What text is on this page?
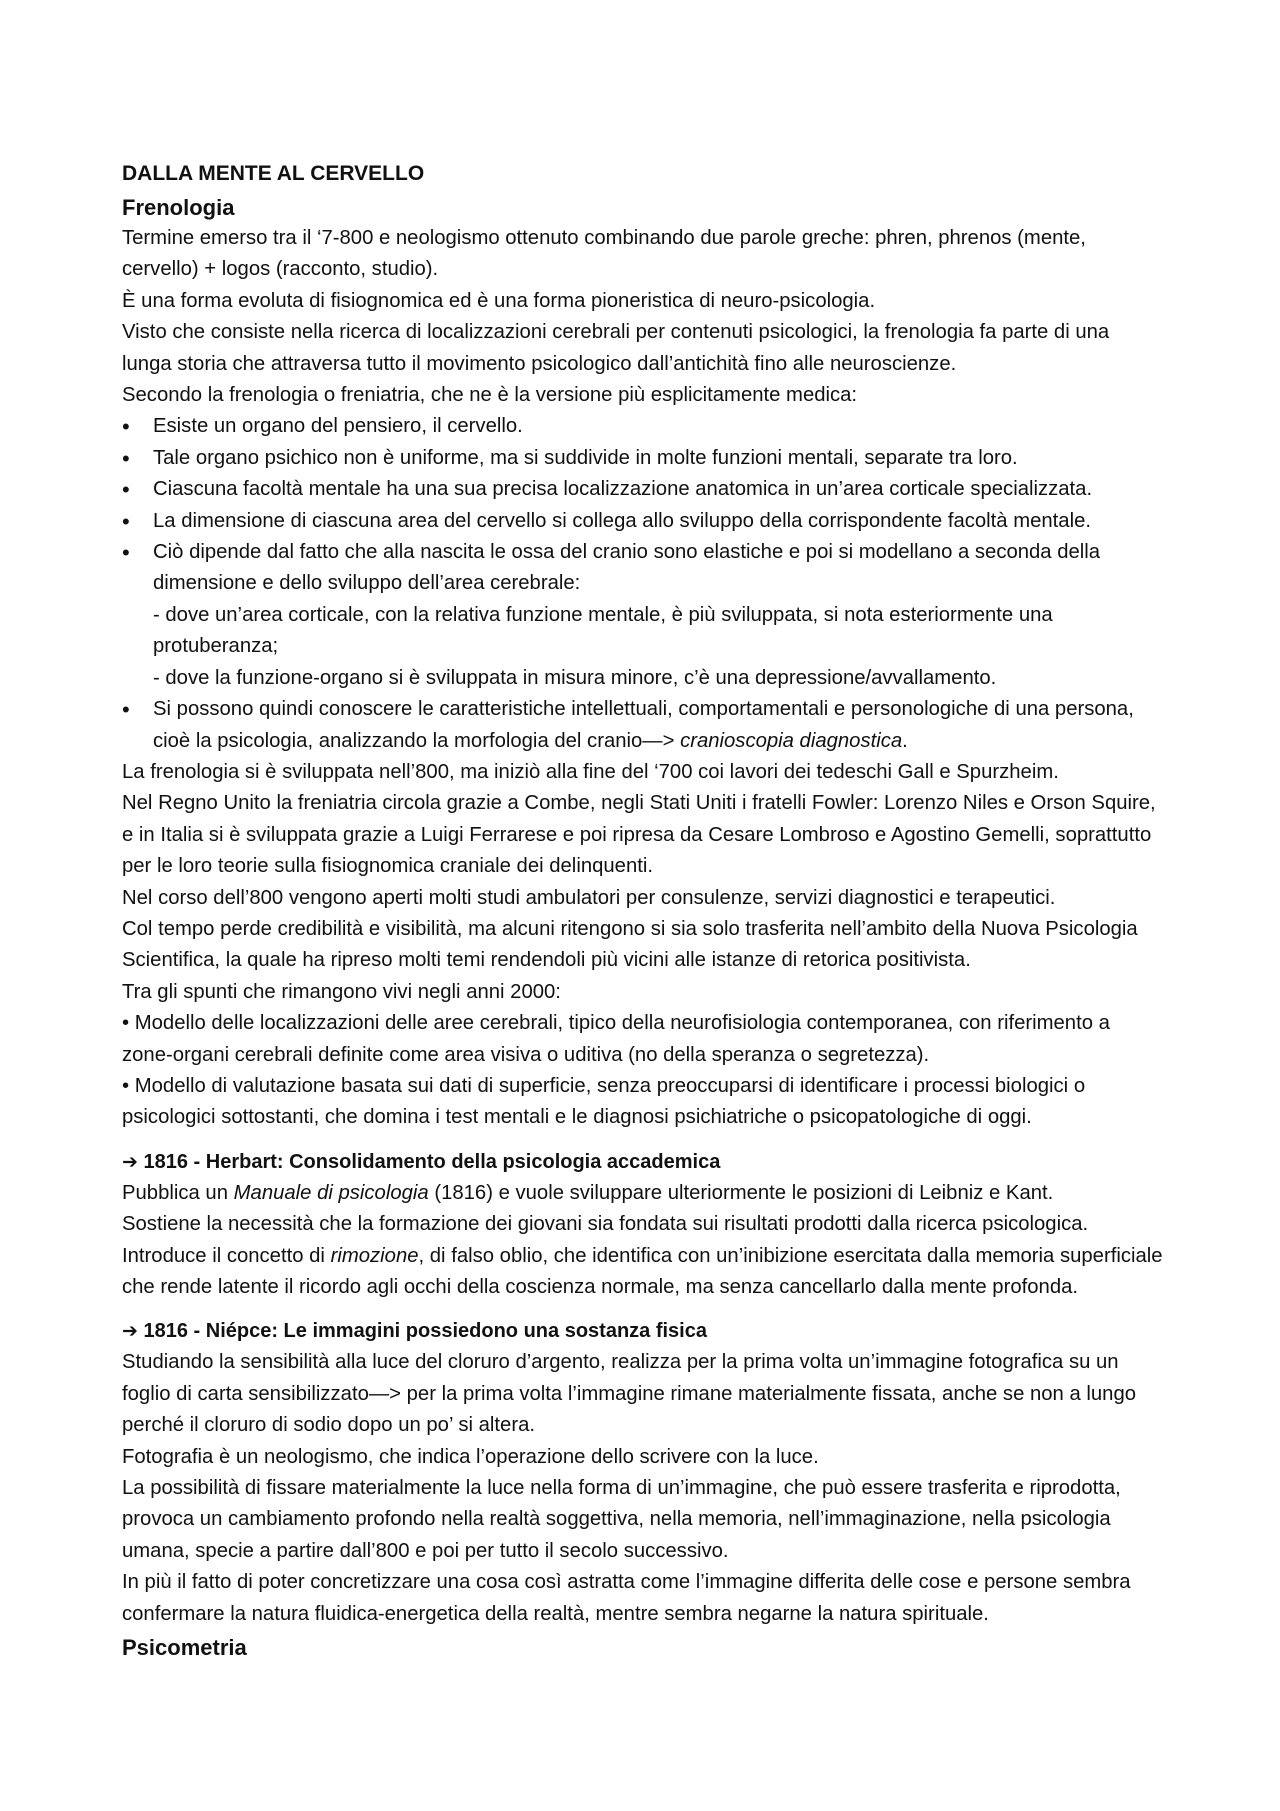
DALLA MENTE AL CERVELLO
Frenologia

Termine emerso tra il ‘7-800 e neologismo ottenuto combinando due parole greche: phren, phrenos (mente, cervello) + logos (racconto, studio).

È una forma evoluta di fisiognomica ed è una forma pioneristica di neuro-psicologia.

Visto che consiste nella ricerca di localizzazioni cerebrali per contenuti psicologici, la frenologia fa parte di una lunga storia che attraversa tutto il movimento psicologico dall’antichità fino alle neuroscienze.

Secondo la frenologia o freniatria, che ne è la versione più esplicitamente medica:

• Esiste un organo del pensiero, il cervello.
• Tale organo psichico non è uniforme, ma si suddivide in molte funzioni mentali, separate tra loro.
• Ciascuna facoltà mentale ha una sua precisa localizzazione anatomica in un’area corticale specializzata.
• La dimensione di ciascuna area del cervello si collega allo sviluppo della corrispondente facoltà mentale.
• Ciò dipende dal fatto che alla nascita le ossa del cranio sono elastiche e poi si modellano a seconda della dimensione e dello sviluppo dell’area cerebrale:
- dove un’area corticale, con la relativa funzione mentale, è più sviluppata, si nota esteriormente una protuberanza;
- dove la funzione-organo si è sviluppata in misura minore, c’è una depressione/avvallamento.
• Si possono quindi conoscere le caratteristiche intellettuali, comportamentali e personologiche di una persona, cioè la psicologia, analizzando la morfologia del cranio—> cranioscopia diagnostica.

La frenologia si è sviluppata nell’800, ma iniziò alla fine del ‘700 coi lavori dei tedeschi Gall e Spurzheim.

Nel Regno Unito la freniatria circola grazie a Combe, negli Stati Uniti i fratelli Fowler: Lorenzo Niles e Orson Squire, e in Italia si è sviluppata grazie a Luigi Ferrarese e poi ripresa da Cesare Lombroso e Agostino Gemelli, soprattutto per le loro teorie sulla fisiognomica craniale dei delinquenti.

Nel corso dell’800 vengono aperti molti studi ambulatori per consulenze, servizi diagnostici e terapeutici.

Col tempo perde credibilità e visibilità, ma alcuni ritengono si sia solo trasferita nell’ambito della Nuova Psicologia Scientifica, la quale ha ripreso molti temi rendendoli più vicini alle istanze di retorica positivista.

Tra gli spunti che rimangono vivi negli anni 2000:

• Modello delle localizzazioni delle aree cerebrali, tipico della neurofisiologia contemporanea, con riferimento a zone-organi cerebrali definite come area visiva o uditiva (no della speranza o segretezza).

• Modello di valutazione basata sui dati di superficie, senza preoccuparsi di identificare i processi biologici o psicologici sottostanti, che domina i test mentali e le diagnosi psichiatriche o psicopatologiche di oggi.

➔ 1816 - Herbart: Consolidamento della psicologia accademica

Pubblica un Manuale di psicologia (1816) e vuole sviluppare ulteriormente le posizioni di Leibniz e Kant.

Sostiene la necessità che la formazione dei giovani sia fondata sui risultati prodotti dalla ricerca psicologica.

Introduce il concetto di rimozione, di falso oblio, che identifica con un’inibizione esercitata dalla memoria superficiale che rende latente il ricordo agli occhi della coscienza normale, ma senza cancellarlo dalla mente profonda.

➔ 1816 - Niépce: Le immagini possiedono una sostanza fisica

Studiando la sensibilità alla luce del cloruro d’argento, realizza per la prima volta un’immagine fotografica su un foglio di carta sensibilizzato—> per la prima volta l’immagine rimane materialmente fissata, anche se non a lungo perché il cloruro di sodio dopo un po’ si altera.

Fotografia è un neologismo, che indica l’operazione dello scrivere con la luce.

La possibilità di fissare materialmente la luce nella forma di un’immagine, che può essere trasferita e riprodotta, provoca un cambiamento profondo nella realtà soggettiva, nella memoria, nell’immaginazione, nella psicologia umana, specie a partire dall’800 e poi per tutto il secolo successivo.

In più il fatto di poter concretizzare una cosa così astratta come l’immagine differita delle cose e persone sembra confermare la natura fluidica-energetica della realtà, mentre sembra negarne la natura spirituale.

Psicometria
